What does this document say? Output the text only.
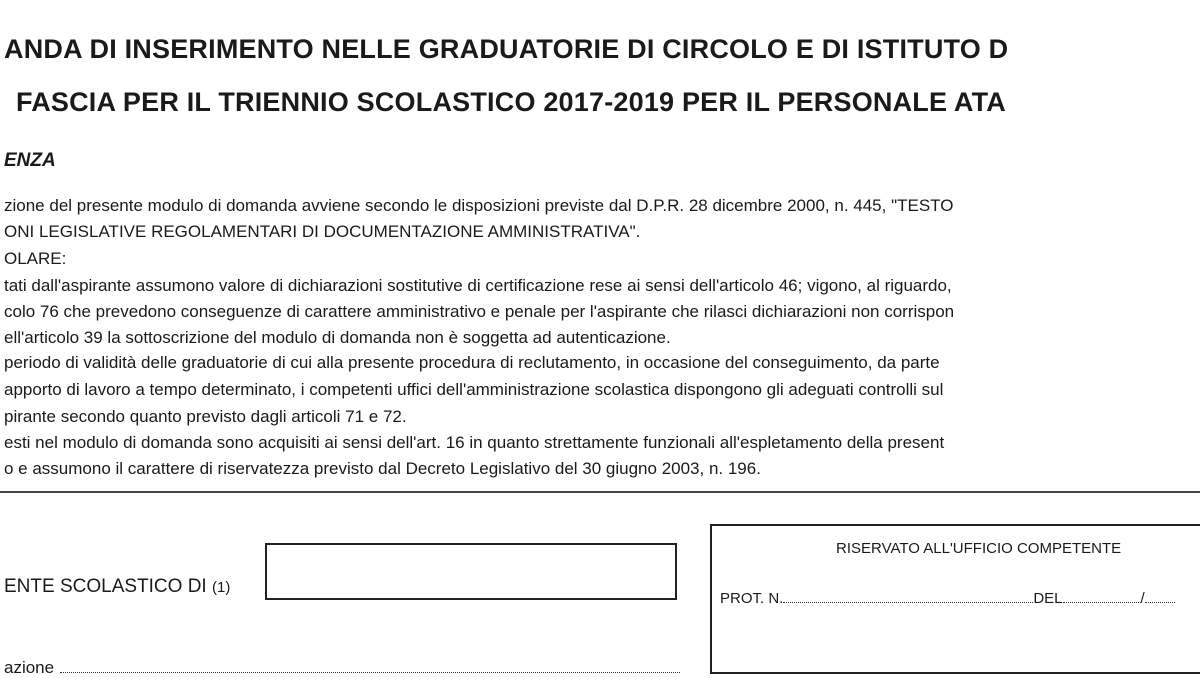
ANDA DI INSERIMENTO NELLE GRADUATORIE DI CIRCOLO E DI ISTITUTO D
FASCIA PER IL TRIENNIO SCOLASTICO 2017-2019 PER IL PERSONALE ATA
ENZA
zione del presente modulo di domanda avviene secondo le disposizioni previste dal D.P.R. 28 dicembre 2000, n. 445, "TESTO
ONI LEGISLATIVE REGOLAMENTARI DI DOCUMENTAZIONE AMMINISTRATIVA".
OLARE:
tati dall'aspirante assumono valore di dichiarazioni sostitutive di certificazione rese ai sensi dell'articolo 46; vigono, al riguardo,
colo 76 che prevedono conseguenze di carattere amministrativo e penale per l'aspirante che rilasci dichiarazioni non corrispon
ell'articolo 39 la sottoscrizione del modulo di domanda non è soggetta ad autenticazione.
periodo di validità delle graduatorie di cui alla presente procedura di reclutamento, in occasione del conseguimento, da parte
apporto di lavoro a tempo determinato, i competenti uffici dell'amministrazione scolastica dispongono gli adeguati controlli sul
pirante secondo quanto previsto dagli articoli 71 e 72.
esti nel modulo di domanda sono acquisiti ai sensi dell'art. 16 in quanto strettamente funzionali all'espletamento della present
o e assumono il carattere di riservatezza previsto dal Decreto Legislativo del 30 giugno 2003, n. 196.
ENTE SCOLASTICO DI (1)
RISERVATO ALL'UFFICIO COMPETENTE
PROT. N.	DEL	/
azione
